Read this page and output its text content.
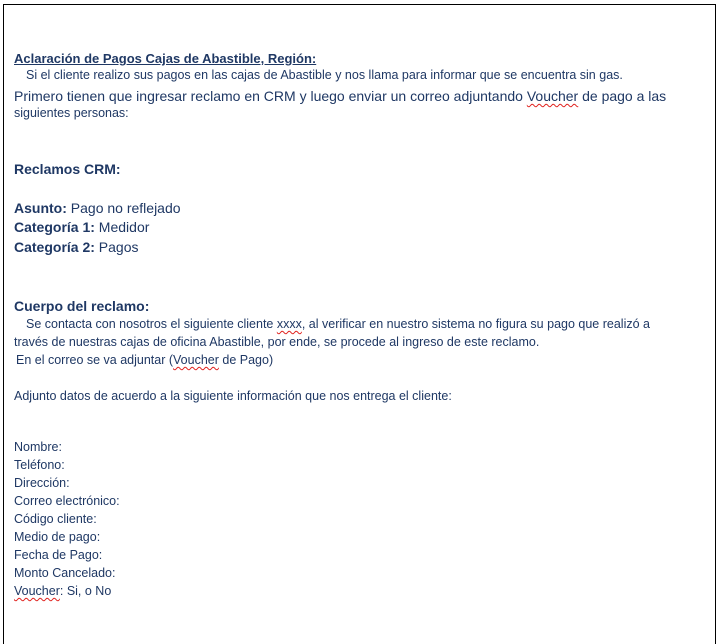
Aclaración de Pagos Cajas de Abastible, Región:
Si el cliente realizo sus pagos en las cajas de Abastible y nos llama para informar que se encuentra sin gas.
Primero tienen que ingresar reclamo en CRM y luego enviar un correo adjuntando Voucher de pago a las
siguientes personas:
Reclamos CRM:
Asunto: Pago no reflejado
Categoría 1: Medidor
Categoría 2: Pagos
Cuerpo del reclamo:
Se contacta con nosotros el siguiente cliente xxxx, al verificar en nuestro sistema no figura su pago que realizó a
través de nuestras cajas de oficina Abastible, por ende, se procede al ingreso de este reclamo.
En el correo se va adjuntar (Voucher de Pago)
Adjunto datos de acuerdo a la siguiente información que nos entrega el cliente:
Nombre:
Teléfono:
Dirección:
Correo electrónico:
Código cliente:
Medio de pago:
Fecha de Pago:
Monto Cancelado:
Voucher: Si, o No
